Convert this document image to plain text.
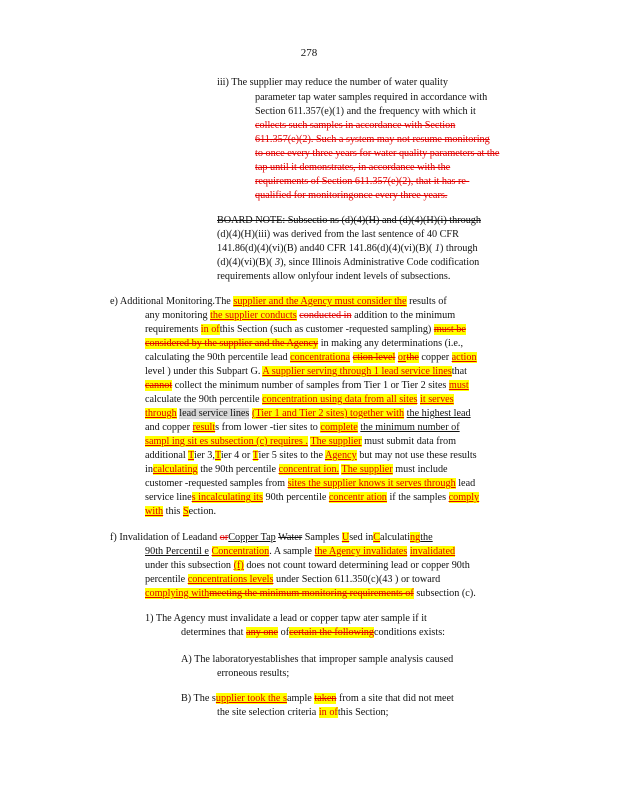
278
iii) The supplier may reduce the number of water quality
parameter tap water samples required in accordance with
Section 611.357(e)(1) and the frequency with which it
collects such samples in accordance with Section
611.357(e)(2). Such a system may not resume monitoring
to once every three years for water quality parameters at the
tap until it demonstrates, in accordance with the
requirements of Section 611.357(e)(2), that it has re-
qualified for monitoringonce every three years.
BOARD NOTE: Subsectio ns (d)(4)(H) and (d)(4)(H)(i) through
(d)(4)(H)(iii) was derived from the last sentence of 40 CFR
141.86(d)(4)(vi)(B) and40 CFR 141.86(d)(4)(vi)(B)( 1) through
(d)(4)(vi)(B)( 3), since Illinois Administrative Code codification
requirements allow onlyfour indent levels of subsections.
e) Additional Monitoring.The supplier and the Agency must consider the results of
any monitoring the supplier conducts conducted in addition to the minimum
requirements in ofthis Section (such as customer -requested sampling) must be
considered by the supplier and the Agency in making any determinations (i.e.,
calculating the 90th percentile lead concentrationa ction level orthe copper action
level ) under this Subpart G. A supplier serving through 1 lead service linesthat
cannot collect the minimum number of samples from Tier 1 or Tier 2 sites must
calculate the 90th percentile concentration using data from all sites it serves
through lead service lines (Tier 1 and Tier 2 sites) together with the highest lead
and copper results from lower -tier sites to complete the minimum number of
sampl ing sit es subsection (c) requires . The supplier must submit data from
additional Tier 3,Tier 4 or Tier 5 sites to the Agency but may not use these results
incalculating the 90th percentile concentrat ion. The supplier must include
customer -requested samples from sites the supplier knows it serves through lead
service lines incalculating its 90th percentile concentr ation if the samples comply
with this Section.
f) Invalidation of Leadand orCopper Tap Water Samples Used inCalculatingthe
90th Percentil e Concentration. A sample the Agency invalidates invalidated
under this subsection (f) does not count toward determining lead or copper 90th
percentile concentrations levels under Section 611.350(c)(43 ) or toward
complying withmeeting the minimum monitoring requirements of subsection (c).
1) The Agency must invalidate a lead or copper tapw ater sample if it
determines that any one ofcertain the followingconditions exists:
A) The laboratoryestablishes that improper sample analysis caused
erroneous results;
B) The supplier took the sample taken from a site that did not meet
the site selection criteria in ofthis Section;
